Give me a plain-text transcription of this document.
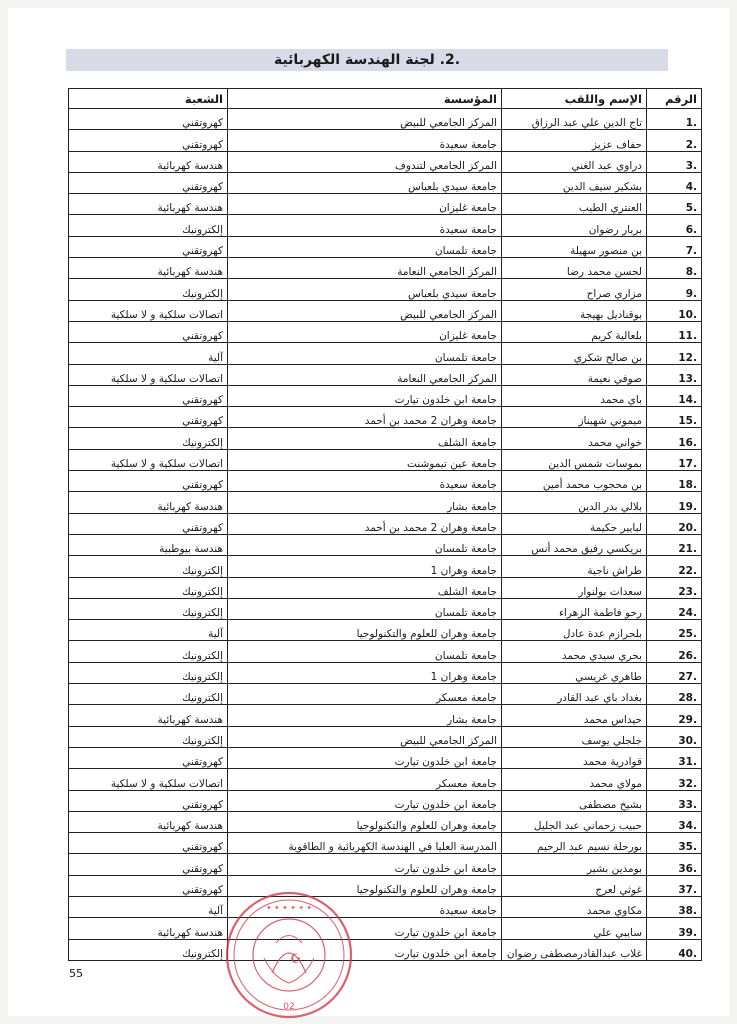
.2. لجنة الهندسة الكهربائية
الرقم	الإسم واللقب	المؤسسة	الشعبة
.1	تاج الدين علي عبد الرزاق	المركز الجامعي للبيض	كهروتقني
.2	حفاف عزيز	جامعة سعيدة	كهروتقني
.3	دراوي عبد الغني	المركز الجامعي لتندوف	هندسة كهربائية
.4	بشكير سيف الدين	جامعة سيدي بلعباس	كهروتقني
.5	العنتري الطيب	جامعة غليزان	هندسة كهربائية
.6	بربار رضوان	جامعة سعيدة	إلكترونيك
.7	بن منصور سهيلة	جامعة تلمسان	كهروتقني
.8	لحسن محمد رضا	المركز الجامعي النعامة	هندسة كهربائية
.9	مزاري صراح	جامعة سيدي بلعباس	إلكترونيك
.10	بوقناديل بهيجة	المركز الجامعي للبيض	اتصالات سلكية و لا سلكية
.11	بلعالية كريم	جامعة غليزان	كهروتقني
.12	بن صالح شكري	جامعة تلمسان	آلية
.13	صوفي نعيمة	المركز الجامعي النعامة	اتصالات سلكية و لا سلكية
.14	باي محمد	جامعة ابن خلدون تيارت	كهروتقني
.15	ميموني شهيناز	جامعة وهران 2 محمد بن أحمد	كهروتقني
.16	خواني محمد	جامعة الشلف	إلكترونيك
.17	بموسات شمس الدين	جامعة عين تيموشنت	اتصالات سلكية و لا سلكية
.18	بن محجوب محمد أمين	جامعة سعيدة	كهروتقني
.19	بلالي بدر الدين	جامعة بشار	هندسة كهربائية
.20	لبايير حكيمة	جامعة وهران 2 محمد بن أحمد	كهروتقني
.21	بريكسي رفيق محمد أنس	جامعة تلمسان	هندسة بيوطبية
.22	طراش ناجية	جامعة وهران 1	إلكترونيك
.23	سعدات بولنوار	جامعة الشلف	إلكترونيك
.24	رحو فاطمة الزهراء	جامعة تلمسان	إلكترونيك
.25	بلحرازم عدة عادل	جامعة وهران للعلوم والتكنولوجيا	آلية
.26	بحري سيدي محمد	جامعة تلمسان	إلكترونيك
.27	طاهري غريسي	جامعة وهران 1	إلكترونيك
.28	بغداد باي عبد القادر	جامعة معسكر	إلكترونيك
.29	حيداس محمد	جامعة بشار	هندسة كهربائية
.30	جلجلي يوسف	المركز الجامعي للبيض	إلكترونيك
.31	قوادرية محمد	جامعة ابن خلدون تيارت	كهروتقني
.32	مولاي محمد	جامعة معسكر	اتصالات سلكية و لا سلكية
.33	بشيخ مصطفى	جامعة ابن خلدون تيارت	كهروتقني
.34	حبيب زحماني عبد الجليل	جامعة وهران للعلوم والتكنولوجيا	هندسة كهربائية
.35	بورحلة نسيم عبد الرحيم	المدرسة العليا في الهندسة الكهربائية و الطاقوية	كهروتقني
.36	بومدين بشير	جامعة ابن خلدون تيارت	كهروتقني
.37	غوثي لعرج	جامعة وهران للعلوم والتكنولوجيا	كهروتقني
.38	مكاوي محمد	جامعة سعيدة	آلية
.39	سايبي علي	جامعة ابن خلدون تيارت	هندسة كهربائية
.40	غلاب عبدالقادرمصطفى رضوان	جامعة ابن خلدون تيارت	إلكترونيك
55
✦ ✦ ✦ ✦ ✦ ✦
☪
02
